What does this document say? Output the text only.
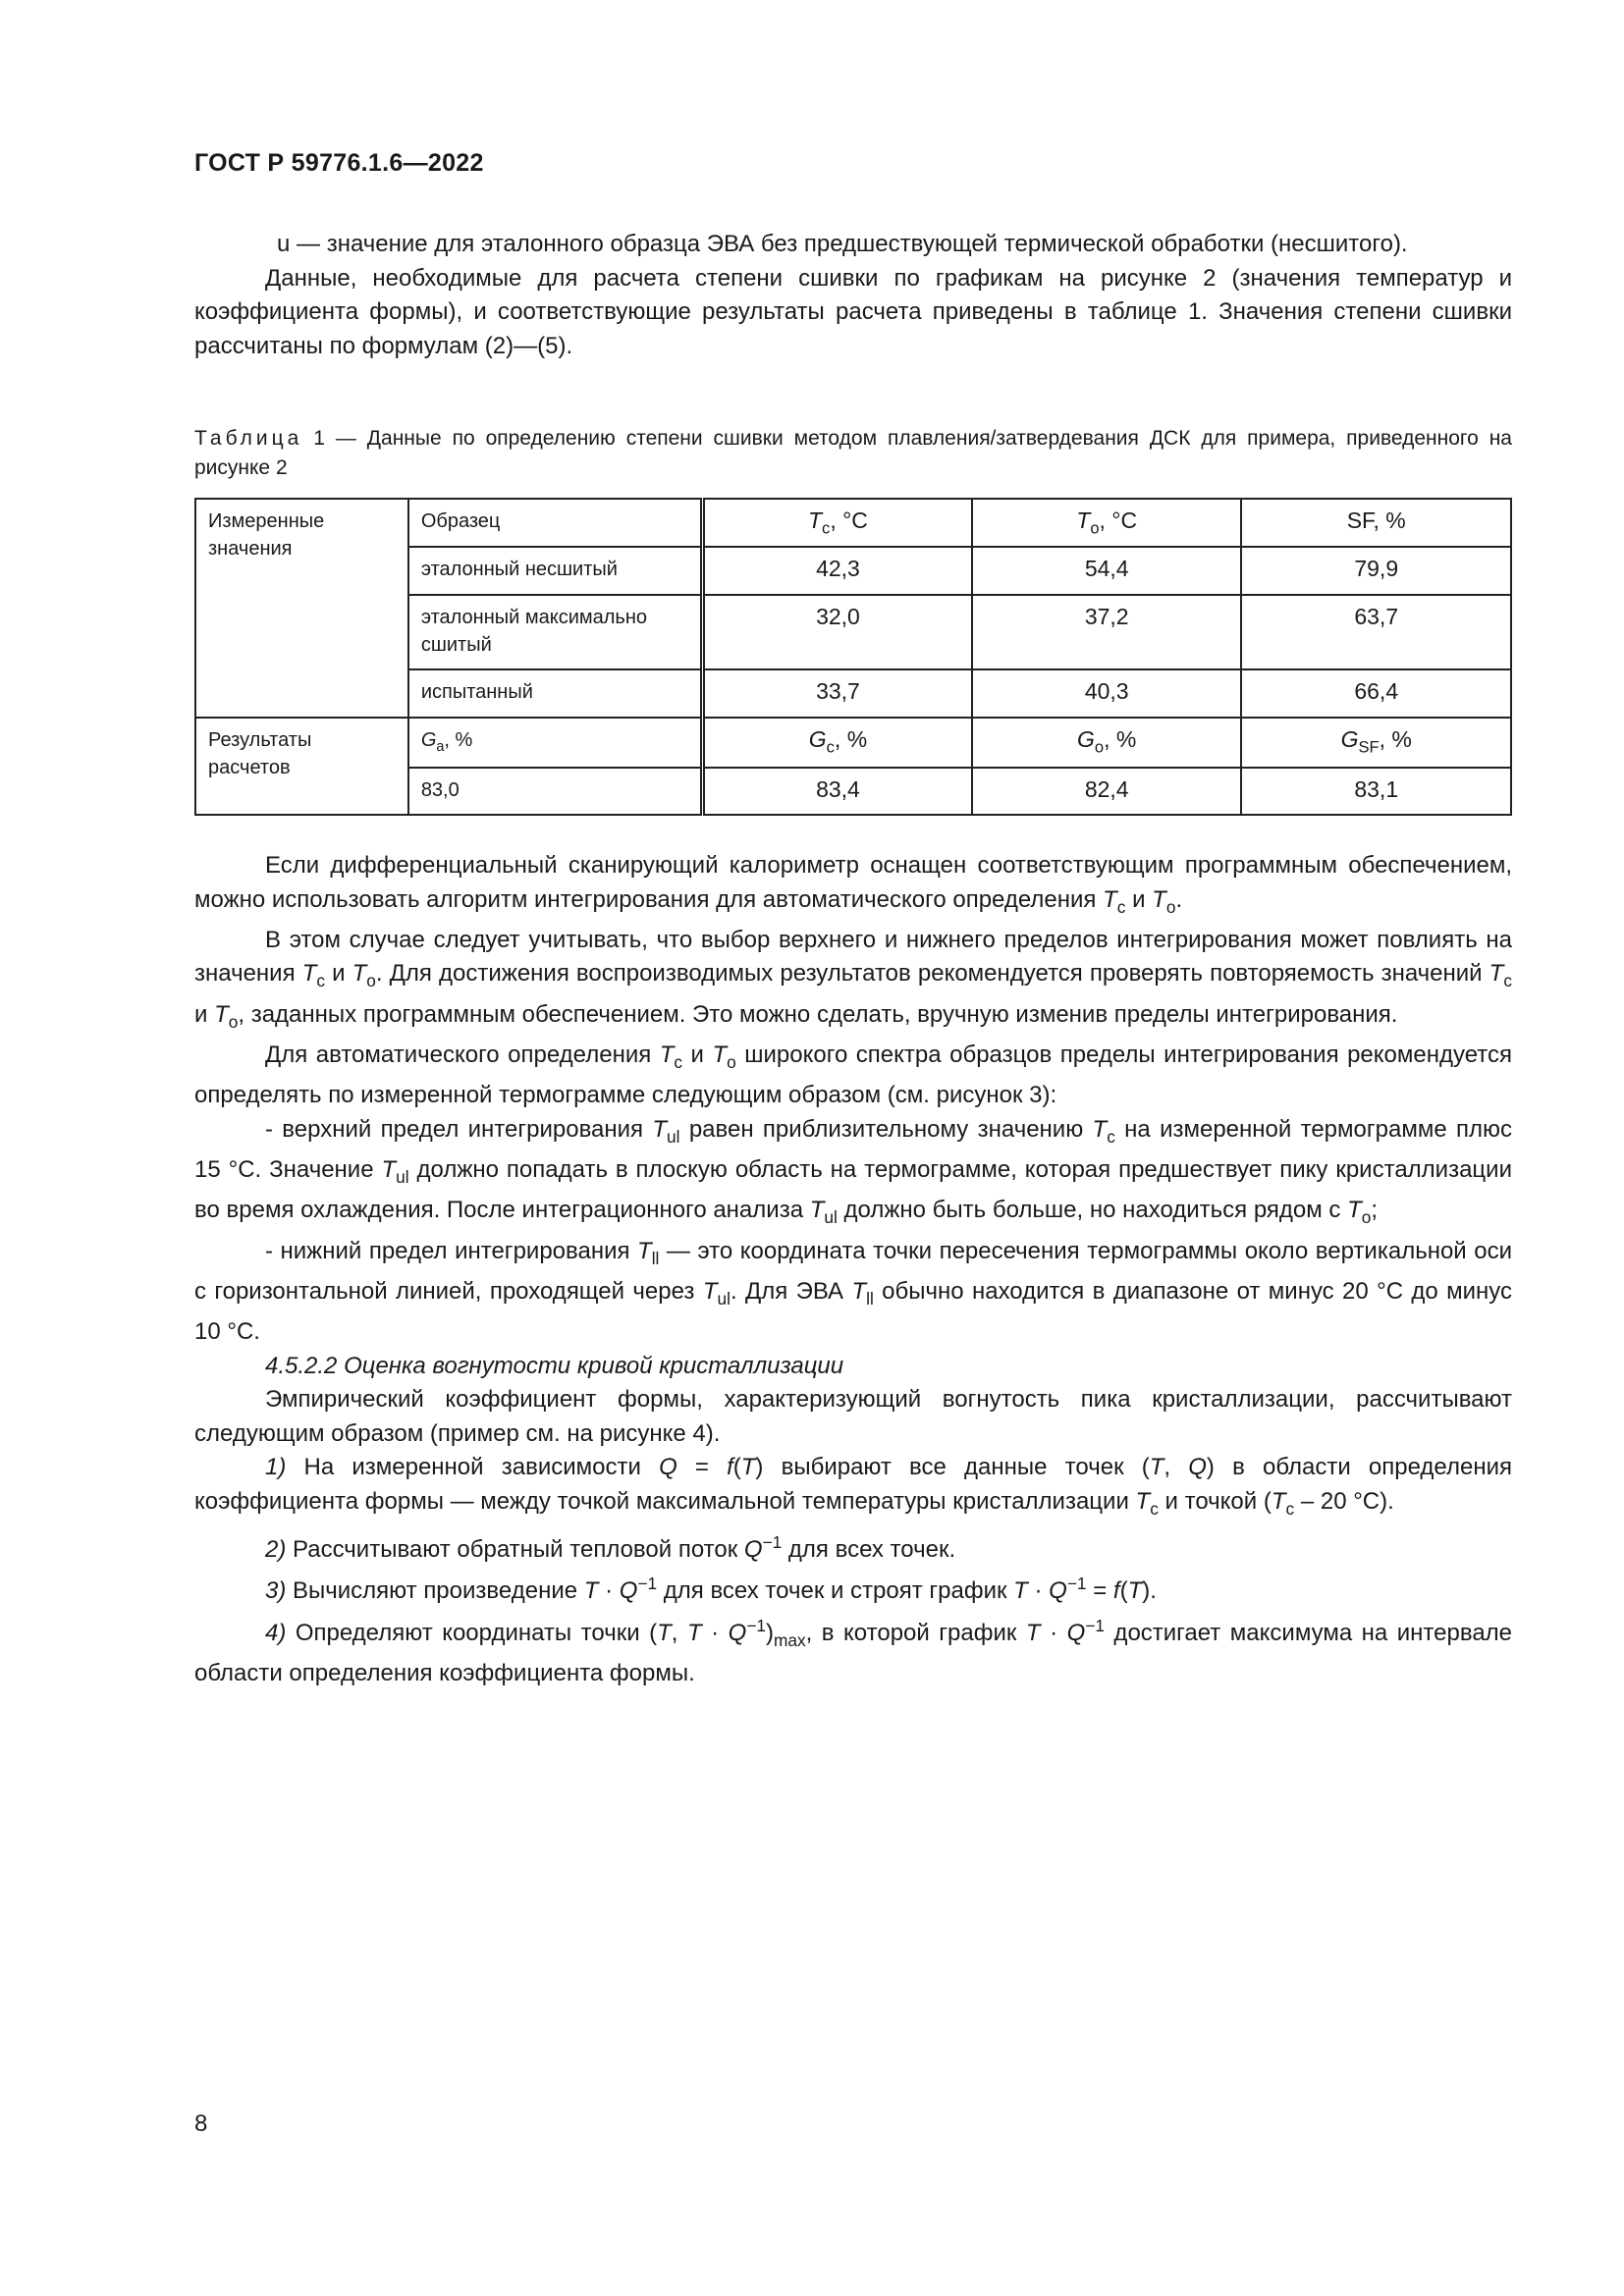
ГОСТ Р 59776.1.6—2022

u — значение для эталонного образца ЭВА без предшествующей термической обработки (несшитого).

Данные, необходимые для расчета степени сшивки по графикам на рисунке 2 (значения температур и коэффициента формы), и соответствующие результаты расчета приведены в таблице 1. Значения степени сшивки рассчитаны по формулам (2)—(5).

Таблица 1 — Данные по определению степени сшивки методом плавления/затвердевания ДСК для примера, приведенного на рисунке 2
Измеренные значения	Образец	$T_c$, °C	$T_o$, °C	SF, %
	эталонный несшитый	42,3	54,4	79,9
	эталонный максимально сшитый	32,0	37,2	63,7
	испытанный	33,7	40,3	66,4
Результаты расчетов	$G_a$, %	$G_c$, %	$G_o$, %	$G_{SF}$, %
	83,0	83,4	82,4	83,1

Если дифференциальный сканирующий калориметр оснащен соответствующим программным обеспечением, можно использовать алгоритм интегрирования для автоматического определения $T_c$ и $T_o$.

В этом случае следует учитывать, что выбор верхнего и нижнего пределов интегрирования может повлиять на значения $T_c$ и $T_o$. Для достижения воспроизводимых результатов рекомендуется проверять повторяемость значений $T_c$ и $T_o$, заданных программным обеспечением. Это можно сделать, вручную изменив пределы интегрирования.

Для автоматического определения $T_c$ и $T_o$ широкого спектра образцов пределы интегрирования рекомендуется определять по измеренной термограмме следующим образом (см. рисунок 3):

- верхний предел интегрирования $T_{ul}$ равен приблизительному значению $T_c$ на измеренной термограмме плюс 15 °С. Значение $T_{ul}$ должно попадать в плоскую область на термограмме, которая предшествует пику кристаллизации во время охлаждения. После интеграционного анализа $T_{ul}$ должно быть больше, но находиться рядом с $T_o$;

- нижний предел интегрирования $T_{ll}$ — это координата точки пересечения термограммы около вертикальной оси с горизонтальной линией, проходящей через $T_{ul}$. Для ЭВА $T_{ll}$ обычно находится в диапазоне от минус 20 °С до минус 10 °С.

4.5.2.2 Оценка вогнутости кривой кристаллизации

Эмпирический коэффициент формы, характеризующий вогнутость пика кристаллизации, рассчитывают следующим образом (пример см. на рисунке 4).

1) На измеренной зависимости Q = f(T) выбирают все данные точек (T, Q) в области определения коэффициента формы — между точкой максимальной температуры кристаллизации $T_c$ и точкой ($T_c - 20$ °С).

2) Рассчитывают обратный тепловой поток $Q^{-1}$ для всех точек.

3) Вычисляют произведение $T \cdot Q^{-1}$ для всех точек и строят график $T \cdot Q^{-1} = f(T)$.

4) Определяют координаты точки (T, $T \cdot Q^{-1})_{max}$, в которой график $T \cdot Q^{-1}$ достигает максимума на интервале области определения коэффициента формы.

8
